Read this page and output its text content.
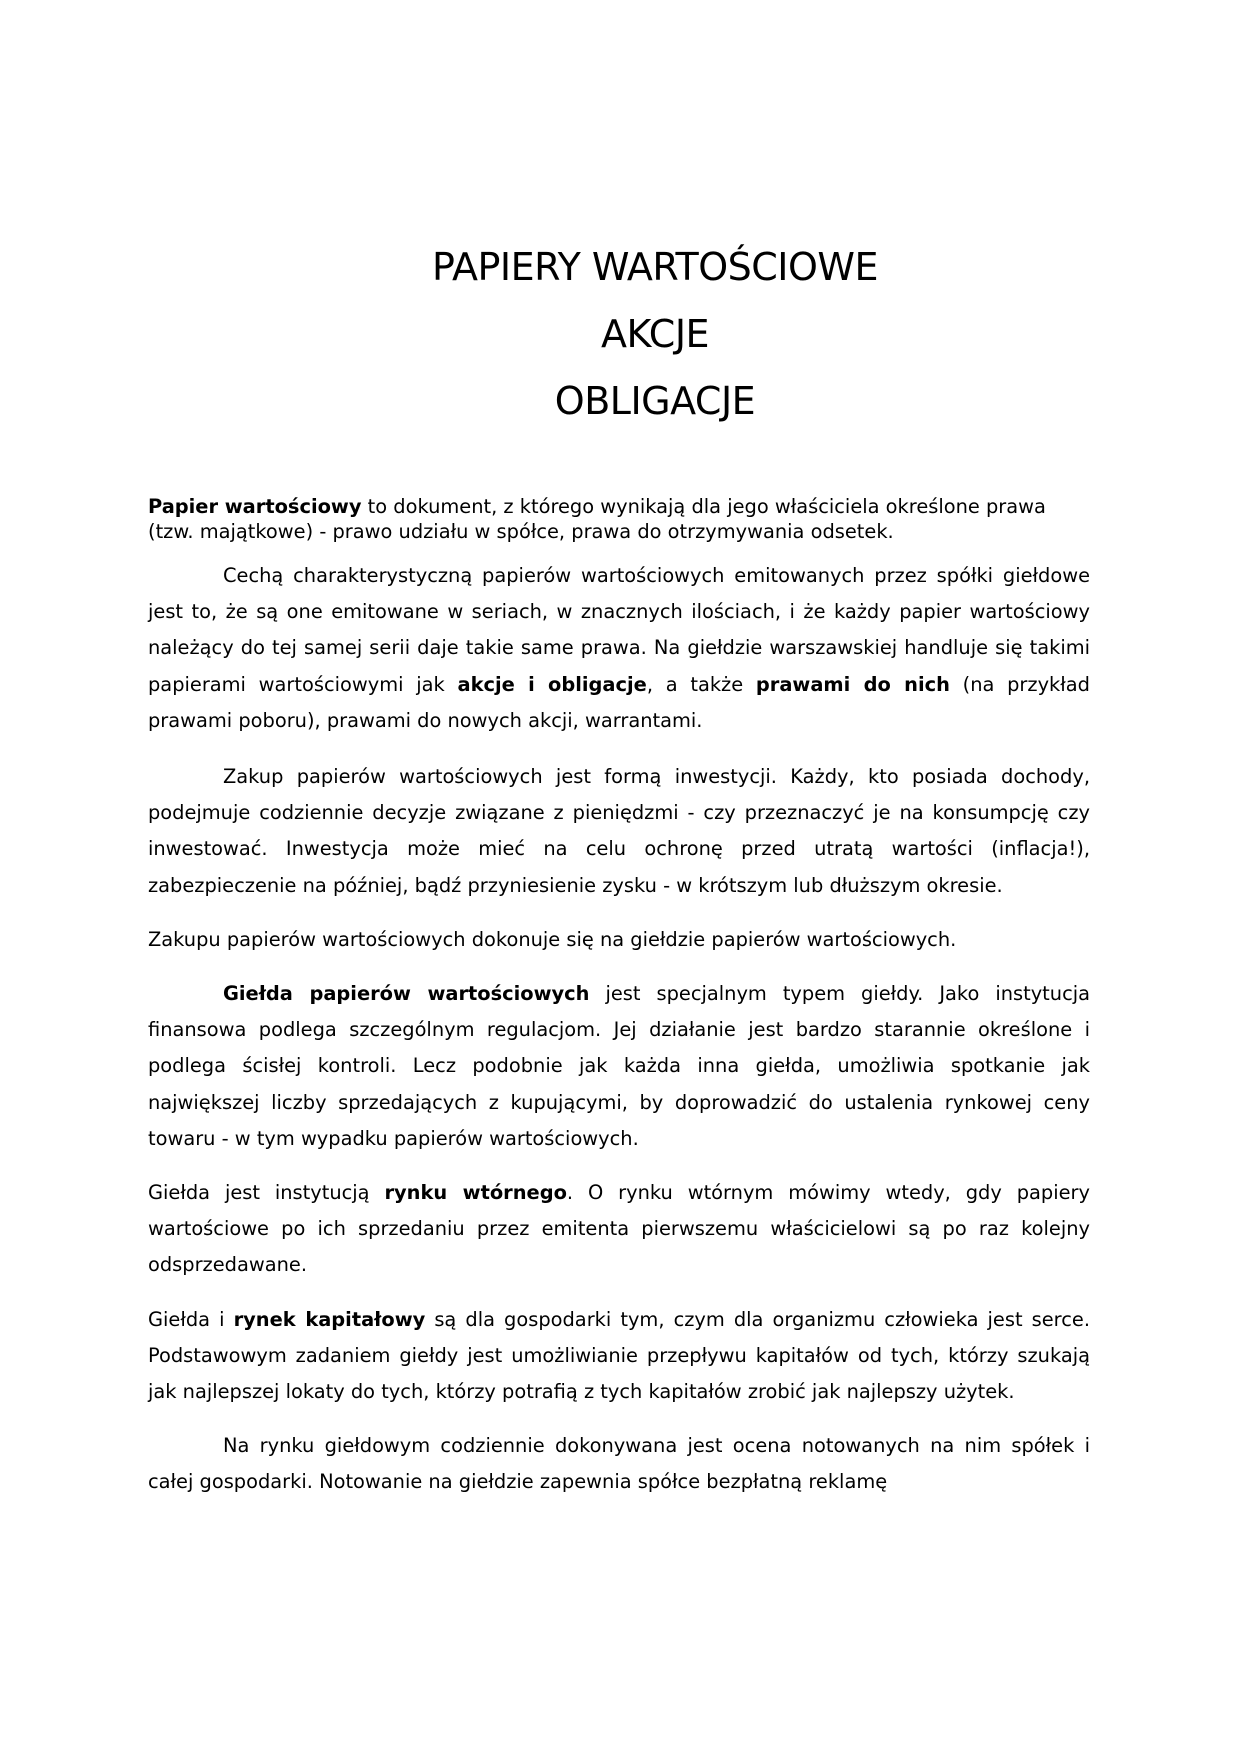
PAPIERY WARTOŚCIOWE
AKCJE
OBLIGACJE

Papier wartościowy to dokument, z którego wynikają dla jego właściciela określone prawa (tzw. majątkowe) - prawo udziału w spółce, prawa do otrzymywania odsetek.

Cechą charakterystyczną papierów wartościowych emitowanych przez spółki giełdowe jest to, że są one emitowane w seriach, w znacznych ilościach, i że każdy papier wartościowy należący do tej samej serii daje takie same prawa. Na giełdzie warszawskiej handluje się takimi papierami wartościowymi jak akcje i obligacje, a także prawami do nich (na przykład prawami poboru), prawami do nowych akcji, warrantami.

Zakup papierów wartościowych jest formą inwestycji. Każdy, kto posiada dochody, podejmuje codziennie decyzje związane z pieniędzmi - czy przeznaczyć je na konsumpcję czy inwestować. Inwestycja może mieć na celu ochronę przed utratą wartości (inflacja!), zabezpieczenie na później, bądź przyniesienie zysku - w krótszym lub dłuższym okresie.

Zakupu papierów wartościowych dokonuje się na giełdzie papierów wartościowych.

Giełda papierów wartościowych jest specjalnym typem giełdy. Jako instytucja finansowa podlega szczególnym regulacjom. Jej działanie jest bardzo starannie określone i podlega ścisłej kontroli. Lecz podobnie jak każda inna giełda, umożliwia spotkanie jak największej liczby sprzedających z kupującymi, by doprowadzić do ustalenia rynkowej ceny towaru - w tym wypadku papierów wartościowych.

Giełda jest instytucją rynku wtórnego. O rynku wtórnym mówimy wtedy, gdy papiery wartościowe po ich sprzedaniu przez emitenta pierwszemu właścicielowi są po raz kolejny odsprzedawane.

Giełda i rynek kapitałowy są dla gospodarki tym, czym dla organizmu człowieka jest serce. Podstawowym zadaniem giełdy jest umożliwianie przepływu kapitałów od tych, którzy szukają jak najlepszej lokaty do tych, którzy potrafią z tych kapitałów zrobić jak najlepszy użytek.

Na rynku giełdowym codziennie dokonywana jest ocena notowanych na nim spółek i całej gospodarki. Notowanie na giełdzie zapewnia spółce bezpłatną reklamę
